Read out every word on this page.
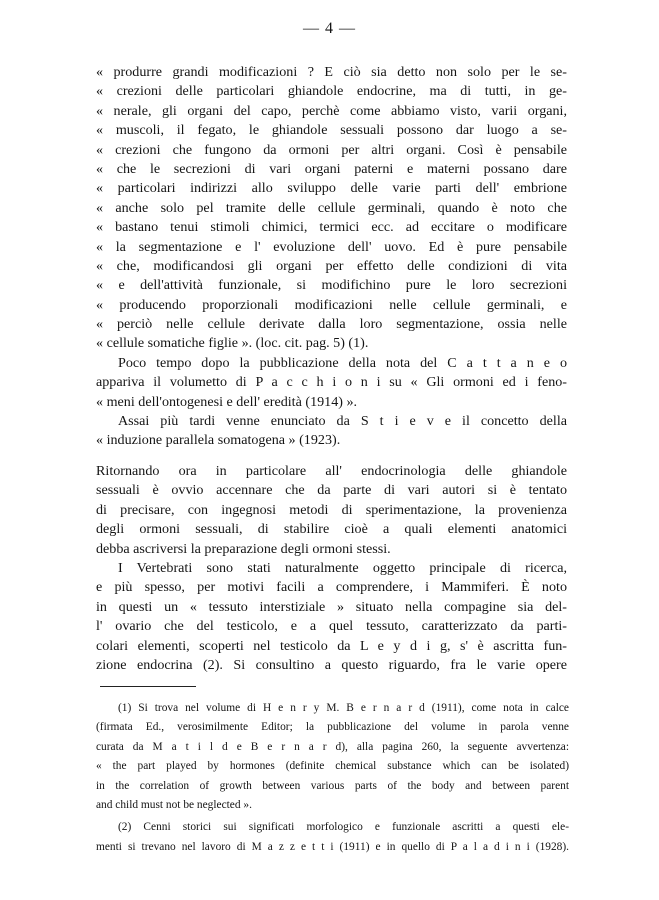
— 4 —
« produrre grandi modificazioni ? E ciò sia detto non solo per le se-
« crezioni delle particolari ghiandole endocrine, ma di tutti, in ge-
« nerale, gli organi del capo, perchè come abbiamo visto, varii organi,
« muscoli, il fegato, le ghiandole sessuali possono dar luogo a se-
« crezioni che fungono da ormoni per altri organi. Così è pensabile
« che le secrezioni di vari organi paterni e materni possano dare
« particolari indirizzi allo sviluppo delle varie parti dell' embrione
« anche solo pel tramite delle cellule germinali, quando è noto che
« bastano tenui stimoli chimici, termici ecc. ad eccitare o modificare
« la segmentazione e l' evoluzione dell' uovo. Ed è pure pensabile
« che, modificandosi gli organi per effetto delle condizioni di vita
« e dell'attività funzionale, si modifichino pure le loro secrezioni
« producendo proporzionali modificazioni nelle cellule germinali, e
« perciò nelle cellule derivate dalla loro segmentazione, ossia nelle
« cellule somatiche figlie ». (loc. cit. pag. 5) (1).
Poco tempo dopo la pubblicazione della nota del C a t t a n e o
appariva il volumetto di P a c c h i o n i su « Gli ormoni ed i feno-
« meni dell'ontogenesi e dell' eredità (1914) ».
Assai più tardi venne enunciato da S t i e v e il concetto della
« induzione parallela somatogena » (1923).
Ritornando ora in particolare all' endocrinologia delle ghiandole
sessuali è ovvio accennare che da parte di vari autori si è tentato
di precisare, con ingegnosi metodi di sperimentazione, la provenienza
degli ormoni sessuali, di stabilire cioè a quali elementi anatomici
debba ascriversi la preparazione degli ormoni stessi.
I Vertebrati sono stati naturalmente oggetto principale di ricerca,
e più spesso, per motivi facili a comprendere, i Mammiferi. È noto
in questi un « tessuto interstiziale » situato nella compagine sia del-
l' ovario che del testicolo, e a quel tessuto, caratterizzato da parti-
colari elementi, scoperti nel testicolo da L e y d i g, s' è ascritta fun-
zione endocrina (2). Si consultino a questo riguardo, fra le varie opere
(1) Si trova nel volume di H e n r y M. B e r n a r d (1911), come nota in calce
(firmata Ed., verosimilmente Editor; la pubblicazione del volume in parola venne
curata da M a t i l d e B e r n a r d), alla pagina 260, la seguente avvertenza:
« the part played by hormones (definite chemical substance which can be isolated)
in the correlation of growth between various parts of the body and between parent
and child must not be neglected ».
(2) Cenni storici sui significati morfologico e funzionale ascritti a questi ele-
menti si trevano nel lavoro di M a z z e t t i (1911) e in quello di P a l a d i n i (1928).
